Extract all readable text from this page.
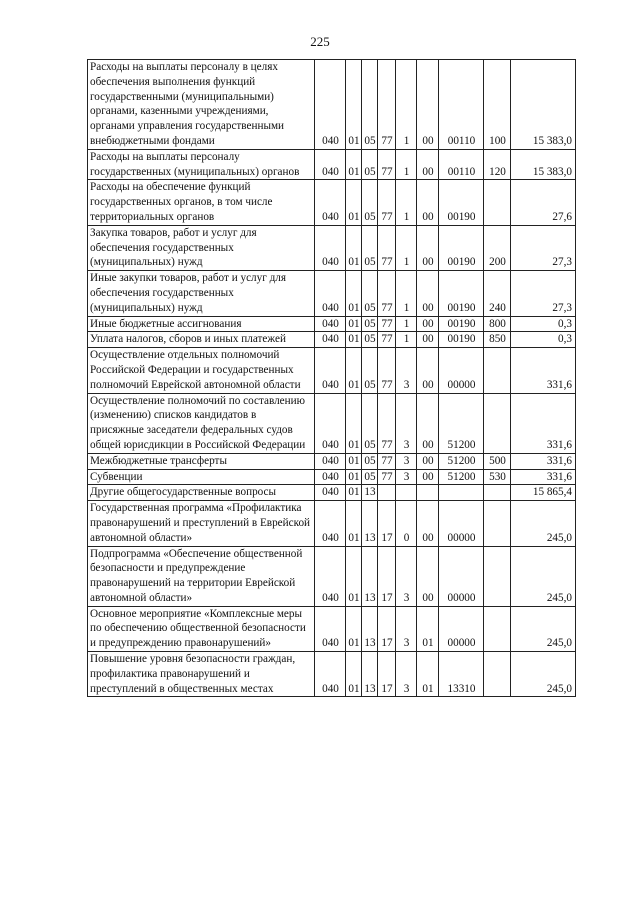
225
Расходы на выплаты персоналу в целях обеспечения выполнения функций государственными (муниципальными) органами, казенными учреждениями, органами управления государственными внебюджетными фондами	040	01	05	77	1	00	00110	100	15 383,0
Расходы на выплаты персоналу государственных (муниципальных) органов	040	01	05	77	1	00	00110	120	15 383,0
Расходы на обеспечение функций государственных органов, в том числе территориальных органов	040	01	05	77	1	00	00190		27,6
Закупка товаров, работ и услуг для обеспечения государственных (муниципальных) нужд	040	01	05	77	1	00	00190	200	27,3
Иные закупки товаров, работ и услуг для обеспечения государственных (муниципальных) нужд	040	01	05	77	1	00	00190	240	27,3
Иные бюджетные ассигнования	040	01	05	77	1	00	00190	800	0,3
Уплата налогов, сборов и иных платежей	040	01	05	77	1	00	00190	850	0,3
Осуществление отдельных полномочий Российской Федерации и государственных полномочий Еврейской автономной области	040	01	05	77	3	00	00000		331,6
Осуществление полномочий по составлению (изменению) списков кандидатов в присяжные заседатели федеральных судов общей юрисдикции в Российской Федерации	040	01	05	77	3	00	51200		331,6
Межбюджетные трансферты	040	01	05	77	3	00	51200	500	331,6
Субвенции	040	01	05	77	3	00	51200	530	331,6
Другие общегосударственные вопросы	040	01	13						15 865,4
Государственная программа «Профилактика правонарушений и преступлений в Еврейской автономной области»	040	01	13	17	0	00	00000		245,0
Подпрограмма «Обеспечение общественной безопасности и предупреждение правонарушений на территории Еврейской автономной области»	040	01	13	17	3	00	00000		245,0
Основное мероприятие «Комплексные меры по обеспечению общественной безопасности и предупреждению правонарушений»	040	01	13	17	3	01	00000		245,0
Повышение уровня безопасности граждан, профилактика правонарушений и преступлений в общественных местах	040	01	13	17	3	01	13310		245,0
